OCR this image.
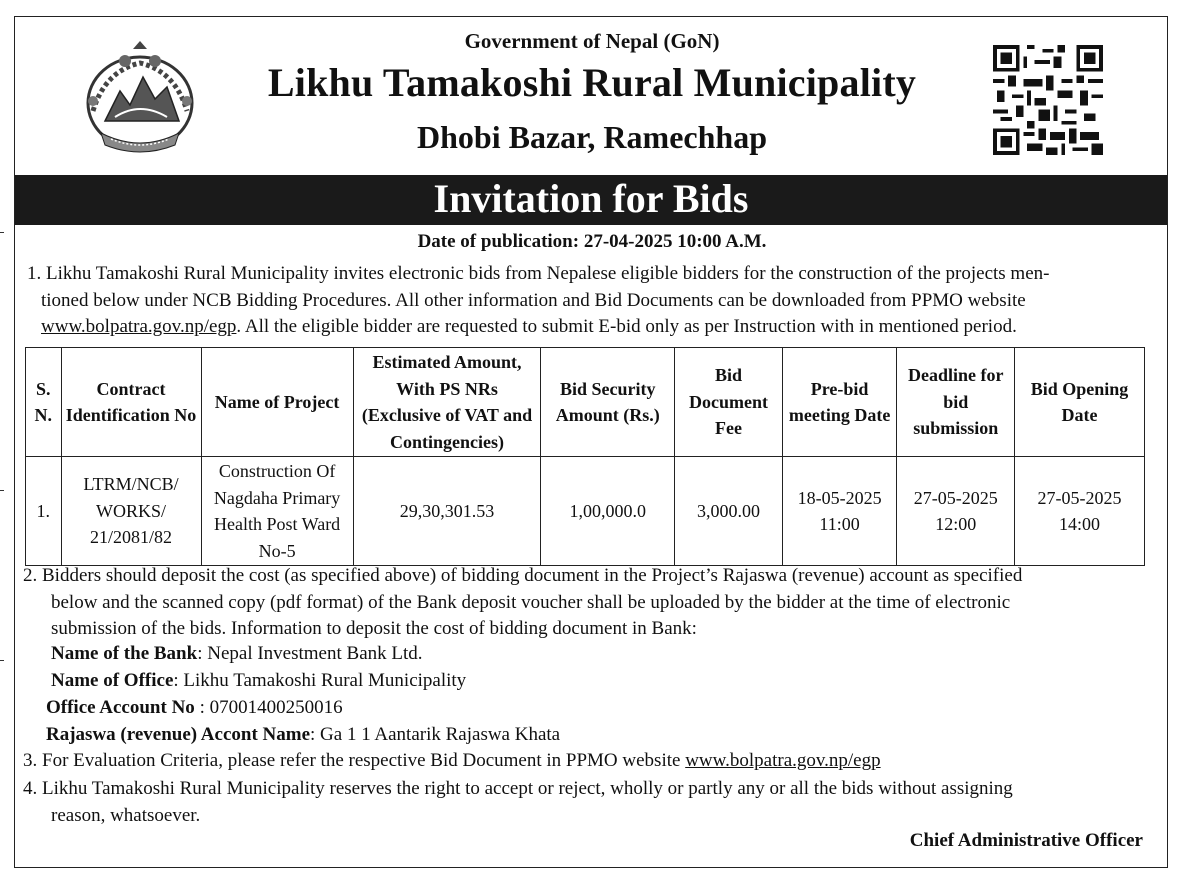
Government of Nepal (GoN)
Likhu Tamakoshi Rural Municipality
Dhobi Bazar, Ramechhap
Invitation for Bids
Date of publication: 27-04-2025 10:00 A.M.
1. Likhu Tamakoshi Rural Municipality invites electronic bids from Nepalese eligible bidders for the construction of the projects men-
tioned below under NCB Bidding Procedures. All other information and Bid Documents can be downloaded from PPMO website
www.bolpatra.gov.np/egp. All the eligible bidder are requested to submit E-bid only as per Instruction with in mentioned period.
S. N.	Contract Identification No	Name of Project	Estimated Amount, With PS NRs (Exclusive of VAT and Contingencies)	Bid Security Amount (Rs.)	Bid Document Fee	Pre-bid meeting Date	Deadline for bid submission	Bid Opening Date
1.	LTRM/NCB/ WORKS/ 21/2081/82	Construction Of Nagdaha Primary Health Post Ward No-5	29,30,301.53	1,00,000.0	3,000.00	18-05-2025 11:00	27-05-2025 12:00	27-05-2025 14:00
2. Bidders should deposit the cost (as specified above) of bidding document in the Project’s Rajaswa (revenue) account as specified
below and the scanned copy (pdf format) of the Bank deposit voucher shall be uploaded by the bidder at the time of electronic
submission of the bids. Information to deposit the cost of bidding document in Bank:
Name of the Bank: Nepal Investment Bank Ltd.
Name of Office: Likhu Tamakoshi Rural Municipality
Office Account No : 07001400250016
Rajaswa (revenue) Accont Name: Ga 1 1 Aantarik Rajaswa Khata
3. For Evaluation Criteria, please refer the respective Bid Document in PPMO website www.bolpatra.gov.np/egp
4. Likhu Tamakoshi Rural Municipality reserves the right to accept or reject, wholly or partly any or all the bids without assigning
reason, whatsoever.
Chief Administrative Officer
